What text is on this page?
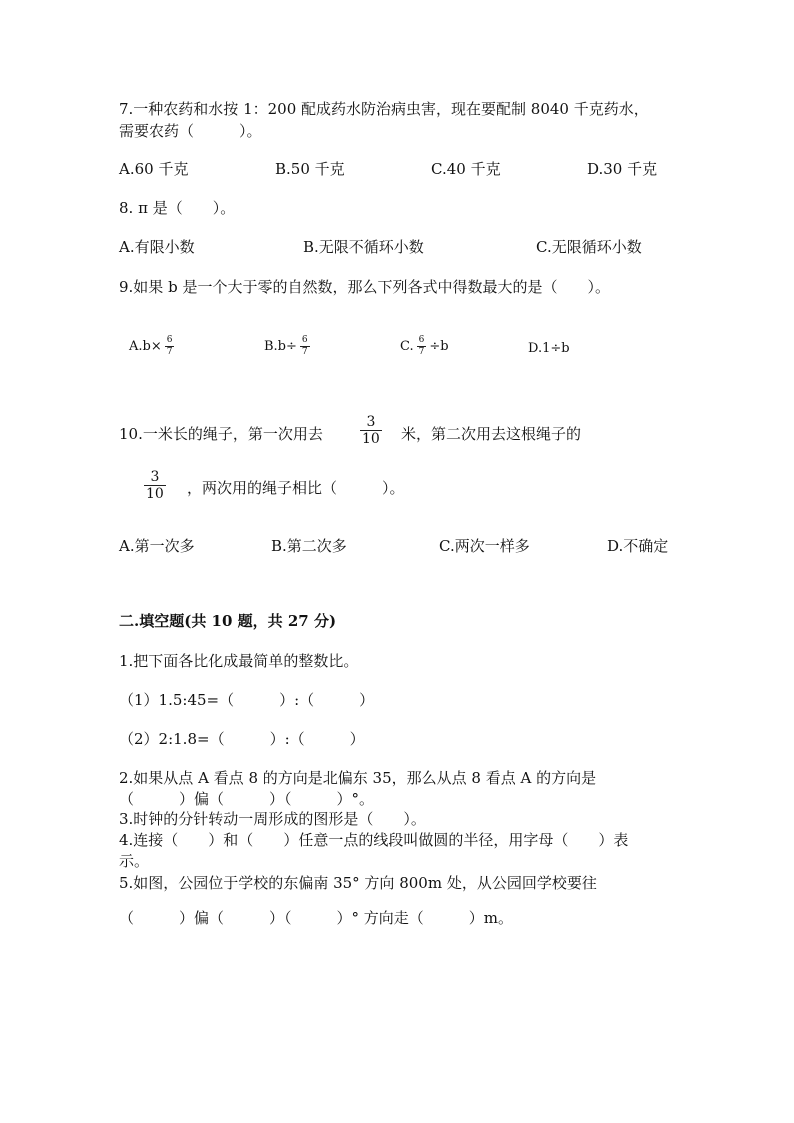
7.一种农药和水按 1：200 配成药水防治病虫害，现在要配制 8040 千克药水，
需要农药（　　　）。
A.60 千克	B.50 千克	C.40 千克	D.30 千克
8. π 是（　　）。
A.有限小数	B.无限不循环小数	C.无限循环小数
9.如果 b 是一个大于零的自然数，那么下列各式中得数最大的是（　　）。
$A.b\times \frac{6}{7}$	$B.b\div \frac{6}{7}$	C. $\frac{6}{7} \div b$	D.1÷b
10.一米长的绳子，第一次用去	$\frac{3}{10}$ 米，第二次用去这根绳子的
$\frac{3}{10}$ ，两次用的绳子相比（　　　）。
A.第一次多	B.第二次多	C.两次一样多	D.不确定
二.填空题(共 10 题，共 27 分)
1.把下面各比化成最简单的整数比。
（1）1.5:45=（　　　）:（　　　）
（2）2:1.8=（　　　）:（　　　）
2.如果从点 A 看点 8 的方向是北偏东 35，那么从点 8 看点 A 的方向是
（　　　）偏（　　　）（　　　）°。
3.时钟的分针转动一周形成的图形是（　　）。
4.连接（　　）和（　　）任意一点的线段叫做圆的半径，用字母（　　）表
示。
5.如图，公园位于学校的东偏南 35° 方向 800m 处，从公园回学校要往
（　　　）偏（　　　）（　　　）° 方向走（　　　）m。
